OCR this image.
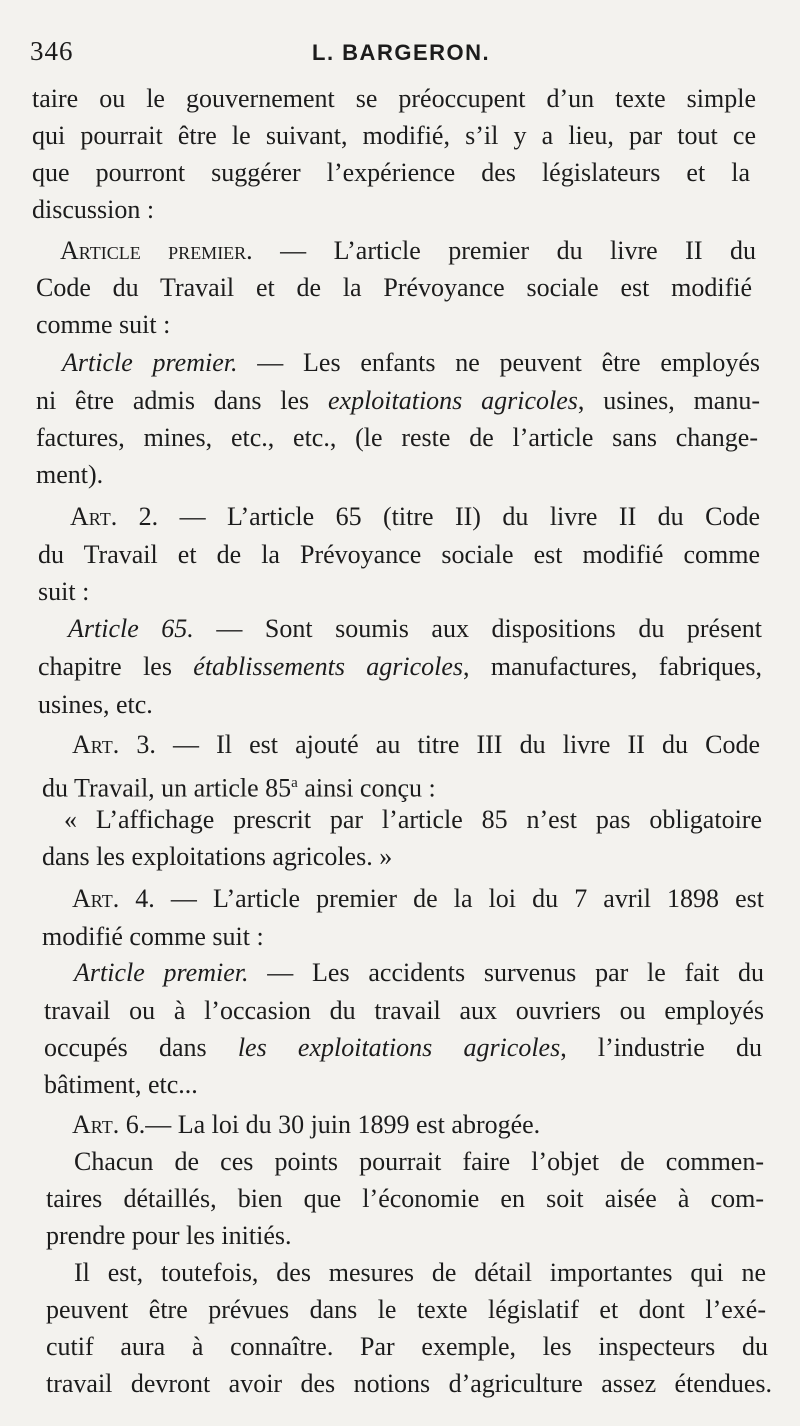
346	L. BARGERON.
taire ou le gouvernement se préoccupent d’un texte simple
qui pourrait être le suivant, modifié, s’il y a lieu, par tout ce
que pourront suggérer l’expérience des législateurs et la
discussion :
Article premier. — L’article premier du livre II du
Code du Travail et de la Prévoyance sociale est modifié
comme suit :
Article premier. — Les enfants ne peuvent être employés
ni être admis dans les exploitations agricoles, usines, manu-
factures, mines, etc., etc., (le reste de l’article sans change-
ment).
Art. 2. — L’article 65 (titre II) du livre II du Code
du Travail et de la Prévoyance sociale est modifié comme
suit :
Article 65. — Sont soumis aux dispositions du présent
chapitre les établissements agricoles, manufactures, fabriques,
usines, etc.
Art. 3. — Il est ajouté au titre III du livre II du Code
du Travail, un article 85$^a$ ainsi conçu :
« L’affichage prescrit par l’article 85 n’est pas obligatoire
dans les exploitations agricoles. »
Art. 4. — L’article premier de la loi du 7 avril 1898 est
modifié comme suit :
Article premier. — Les accidents survenus par le fait du
travail ou à l’occasion du travail aux ouvriers ou employés
occupés dans les exploitations agricoles, l’industrie du
bâtiment, etc...
Art. 6.— La loi du 30 juin 1899 est abrogée.
Chacun de ces points pourrait faire l’objet de commen-
taires détaillés, bien que l’économie en soit aisée à com-
prendre pour les initiés.
Il est, toutefois, des mesures de détail importantes qui ne
peuvent être prévues dans le texte législatif et dont l’exé-
cutif aura à connaître. Par exemple, les inspecteurs du
travail devront avoir des notions d’agriculture assez étendues.
